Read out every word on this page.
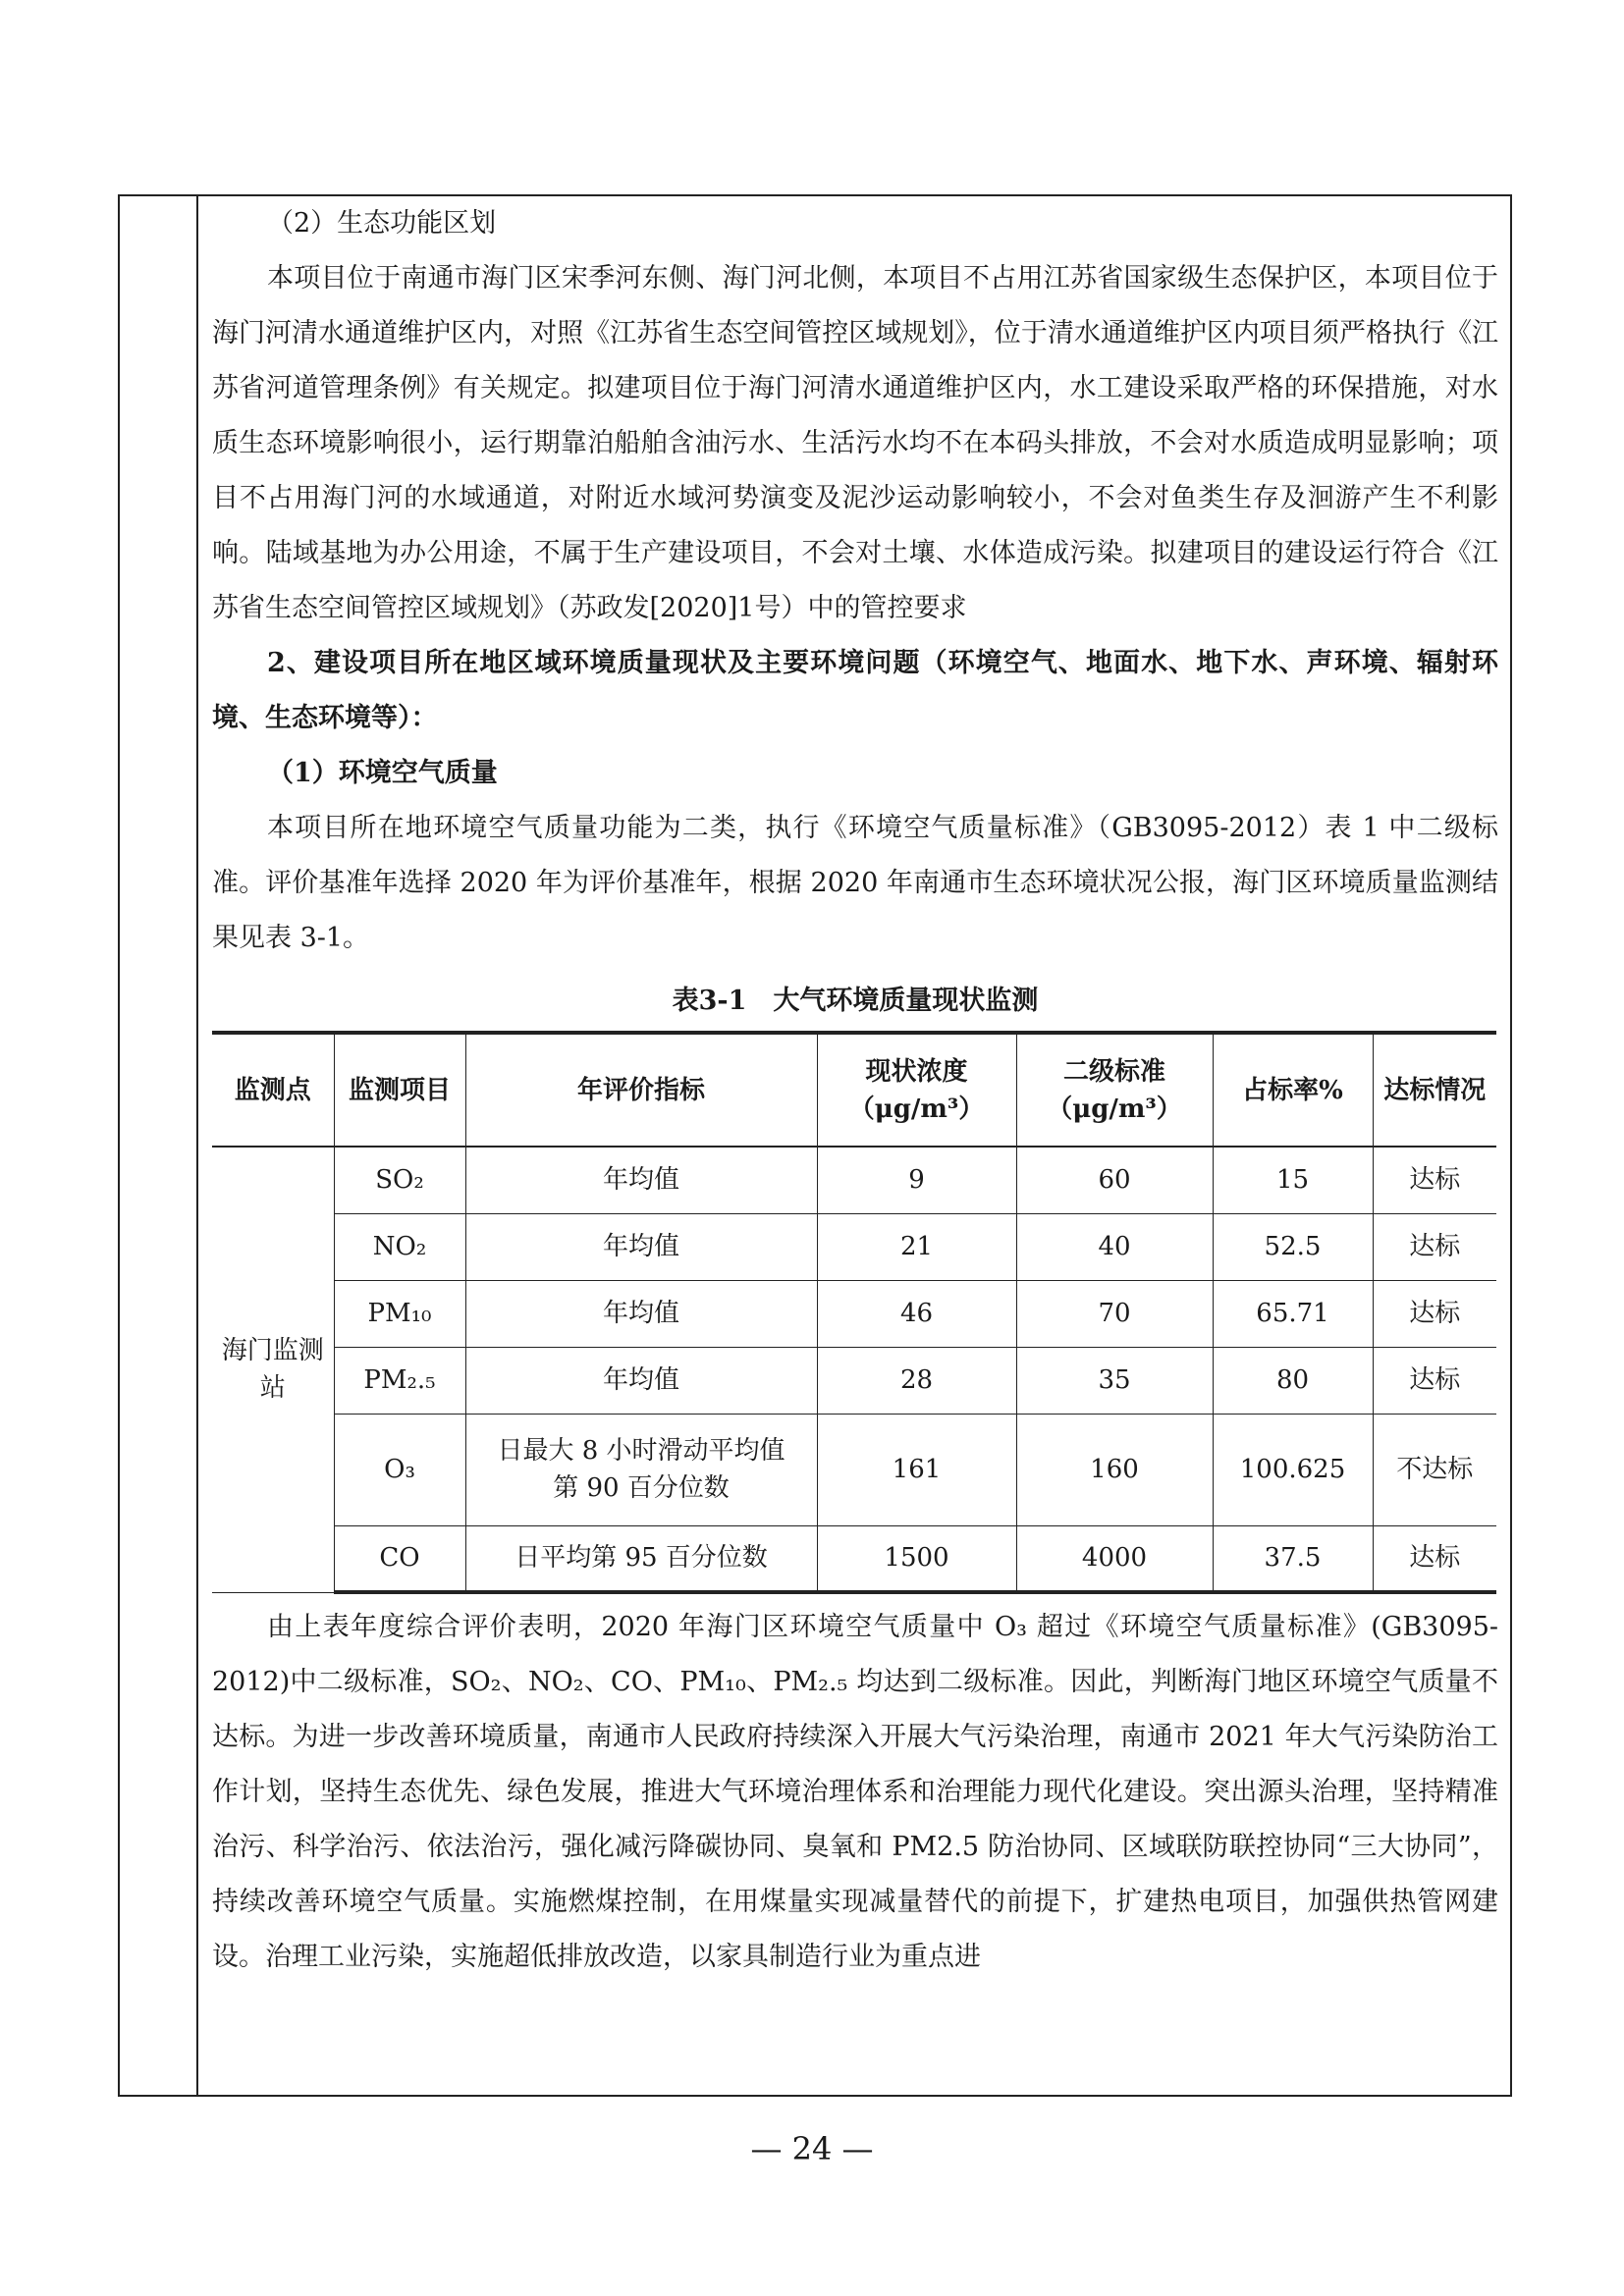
（2）生态功能区划

本项目位于南通市海门区宋季河东侧、海门河北侧，本项目不占用江苏省国家级生态保护区，本项目位于海门河清水通道维护区内，对照《江苏省生态空间管控区域规划》，位于清水通道维护区内项目须严格执行《江苏省河道管理条例》有关规定。拟建项目位于海门河清水通道维护区内，水工建设采取严格的环保措施，对水质生态环境影响很小，运行期靠泊船舶含油污水、生活污水均不在本码头排放，不会对水质造成明显影响；项目不占用海门河的水域通道，对附近水域河势演变及泥沙运动影响较小，不会对鱼类生存及洄游产生不利影响。陆域基地为办公用途，不属于生产建设项目，不会对土壤、水体造成污染。拟建项目的建设运行符合《江苏省生态空间管控区域规划》（苏政发[2020]1号）中的管控要求

2、建设项目所在地区域环境质量现状及主要环境问题（环境空气、地面水、地下水、声环境、辐射环境、生态环境等）：

（1）环境空气质量

本项目所在地环境空气质量功能为二类，执行《环境空气质量标准》（GB3095-2012）表 1 中二级标准。评价基准年选择 2020 年为评价基准年，根据 2020 年南通市生态环境状况公报，海门区环境质量监测结果见表 3-1。

表3-1　大气环境质量现状监测
监测点	监测项目	年评价指标	现状浓度（μg/m³）	二级标准（μg/m³）	占标率%	达标情况
海门监测站	SO₂	年均值	9	60	15	达标
	NO₂	年均值	21	40	52.5	达标
	PM₁₀	年均值	46	70	65.71	达标
	PM₂.₅	年均值	28	35	80	达标
	O₃	日最大 8 小时滑动平均值第 90 百分位数	161	160	100.625	不达标
	CO	日平均第 95 百分位数	1500	4000	37.5	达标

由上表年度综合评价表明，2020 年海门区环境空气质量中 O₃ 超过《环境空气质量标准》(GB3095-2012)中二级标准，SO₂、NO₂、CO、PM₁₀、PM₂.₅ 均达到二级标准。因此，判断海门地区环境空气质量不达标。为进一步改善环境质量，南通市人民政府持续深入开展大气污染治理，南通市 2021 年大气污染防治工作计划，坚持生态优先、绿色发展，推进大气环境治理体系和治理能力现代化建设。突出源头治理，坚持精准治污、科学治污、依法治污，强化减污降碳协同、臭氧和 PM2.5 防治协同、区域联防联控协同“三大协同”，持续改善环境空气质量。实施燃煤控制，在用煤量实现减量替代的前提下，扩建热电项目，加强供热管网建设。治理工业污染，实施超低排放改造，以家具制造行业为重点进

— 24 —
